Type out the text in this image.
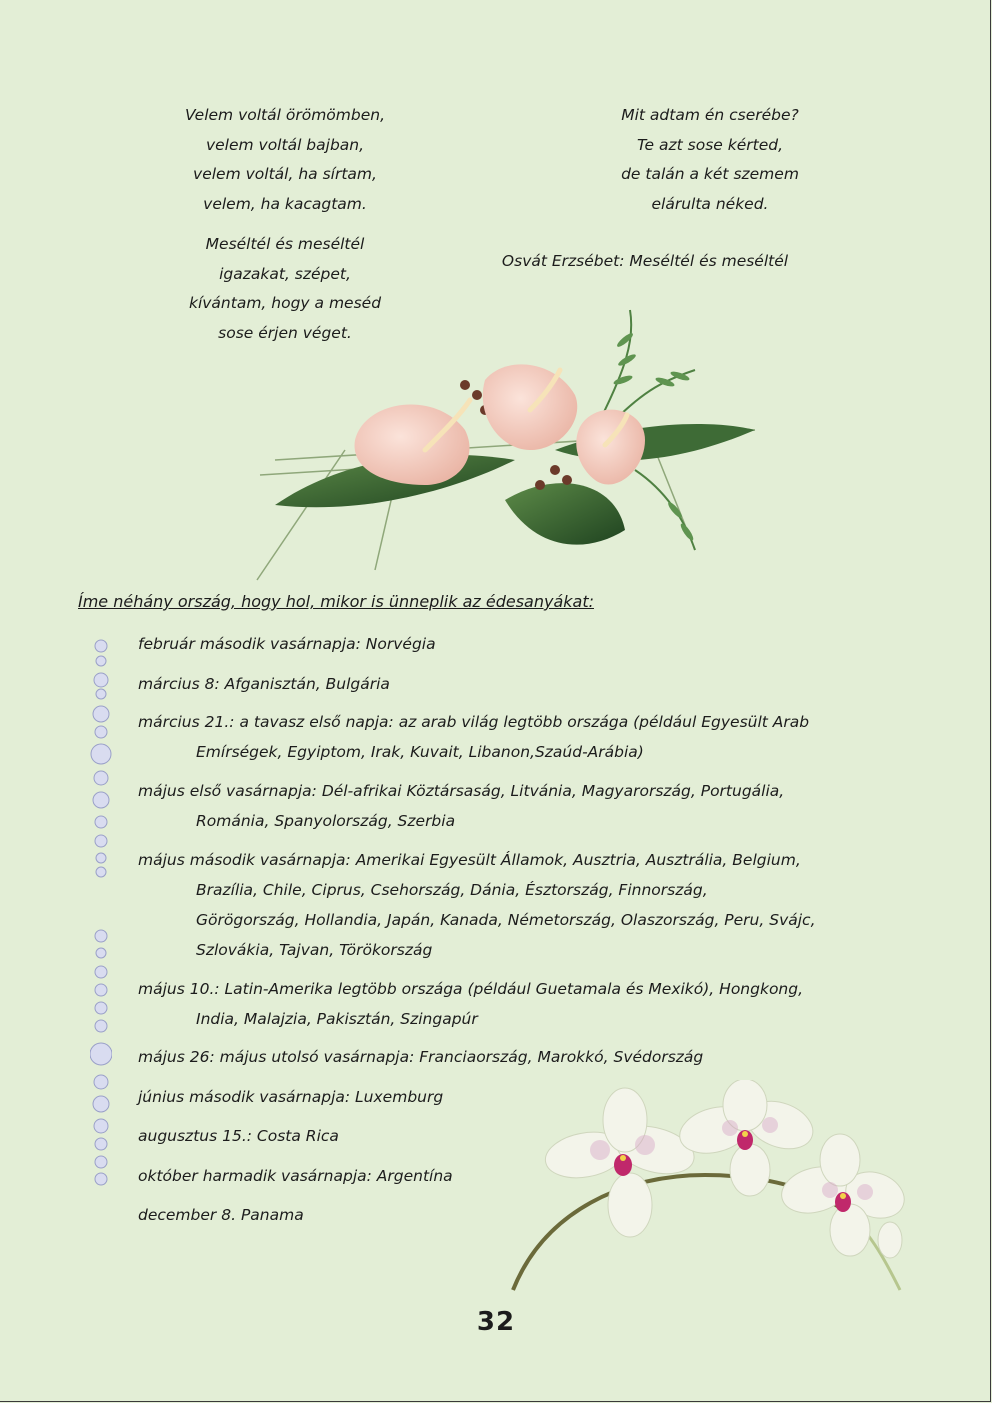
Velem voltál örömömben,
velem voltál bajban,
velem voltál, ha sírtam,
velem, ha kacagtam.
Meséltél és meséltél
igazakat, szépet,
kívántam, hogy a meséd
sose érjen véget.
Mit adtam én cserébe?
Te azt sose kérted,
de talán a két szemem
elárulta néked.
Osvát Erzsébet: Meséltél és meséltél
Íme néhány ország, hogy hol, mikor is ünneplik az édesanyákat:
február második vasárnapja: Norvégia
március 8: Afganisztán, Bulgária
március 21.: a tavasz első napja: az arab világ legtöbb országa (például Egyesült Arab
Emírségek, Egyiptom, Irak, Kuvait, Libanon,Szaúd-Arábia)
május első vasárnapja: Dél-afrikai Köztársaság, Litvánia, Magyarország, Portugália,
Románia, Spanyolország, Szerbia
május második vasárnapja: Amerikai Egyesült Államok, Ausztria, Ausztrália, Belgium,
Brazília, Chile, Ciprus, Csehország, Dánia, Észtország, Finnország,
Görögország, Hollandia, Japán, Kanada, Németország, Olaszország, Peru, Svájc,
Szlovákia, Tajvan, Törökország
május 10.: Latin-Amerika legtöbb országa (például Guetamala és Mexikó), Hongkong,
India, Malajzia, Pakisztán, Szingapúr
május 26: május utolsó vasárnapja: Franciaország, Marokkó, Svédország
június második vasárnapja: Luxemburg
augusztus 15.: Costa Rica
október harmadik vasárnapja: Argentína
december 8. Panama
32
